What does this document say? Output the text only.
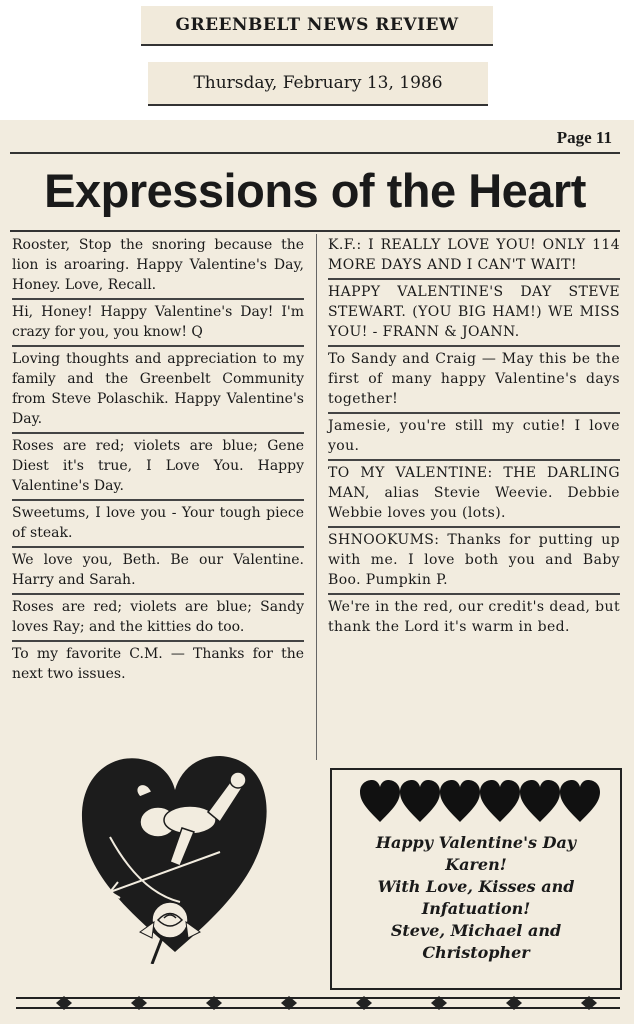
GREENBELT NEWS REVIEW
Thursday, February 13, 1986
Page 11
Expressions of the Heart
Rooster, Stop the snoring because the lion is aroaring. Happy Valentine's Day, Honey. Love, Recall.
Hi, Honey! Happy Valentine's Day! I'm crazy for you, you know! Q
Loving thoughts and appreciation to my family and the Greenbelt Community from Steve Polaschik. Happy Valentine's Day.
Roses are red; violets are blue; Gene Diest it's true, I Love You. Happy Valentine's Day.
Sweetums, I love you - Your tough piece of steak.
We love you, Beth. Be our Valentine. Harry and Sarah.
Roses are red; violets are blue; Sandy loves Ray; and the kitties do too.
To my favorite C.M. — Thanks for the next two issues.
K.F.: I REALLY LOVE YOU! ONLY 114 MORE DAYS AND I CAN'T WAIT!
HAPPY VALENTINE'S DAY STEVE STEWART. (YOU BIG HAM!) WE MISS YOU! - FRANN & JOANN.
To Sandy and Craig — May this be the first of many happy Valentine's days together!
Jamesie, you're still my cutie! I love you.
TO MY VALENTINE: THE DARLING MAN, alias Stevie Weevie. Debbie Webbie loves you (lots).
SHNOOKUMS: Thanks for putting up with me. I love both you and Baby Boo. Pumpkin P.
We're in the red, our credit's dead, but thank the Lord it's warm in bed.
Happy Valentine's Day
Karen!
With Love, Kisses and
Infatuation!
Steve, Michael and
Christopher
